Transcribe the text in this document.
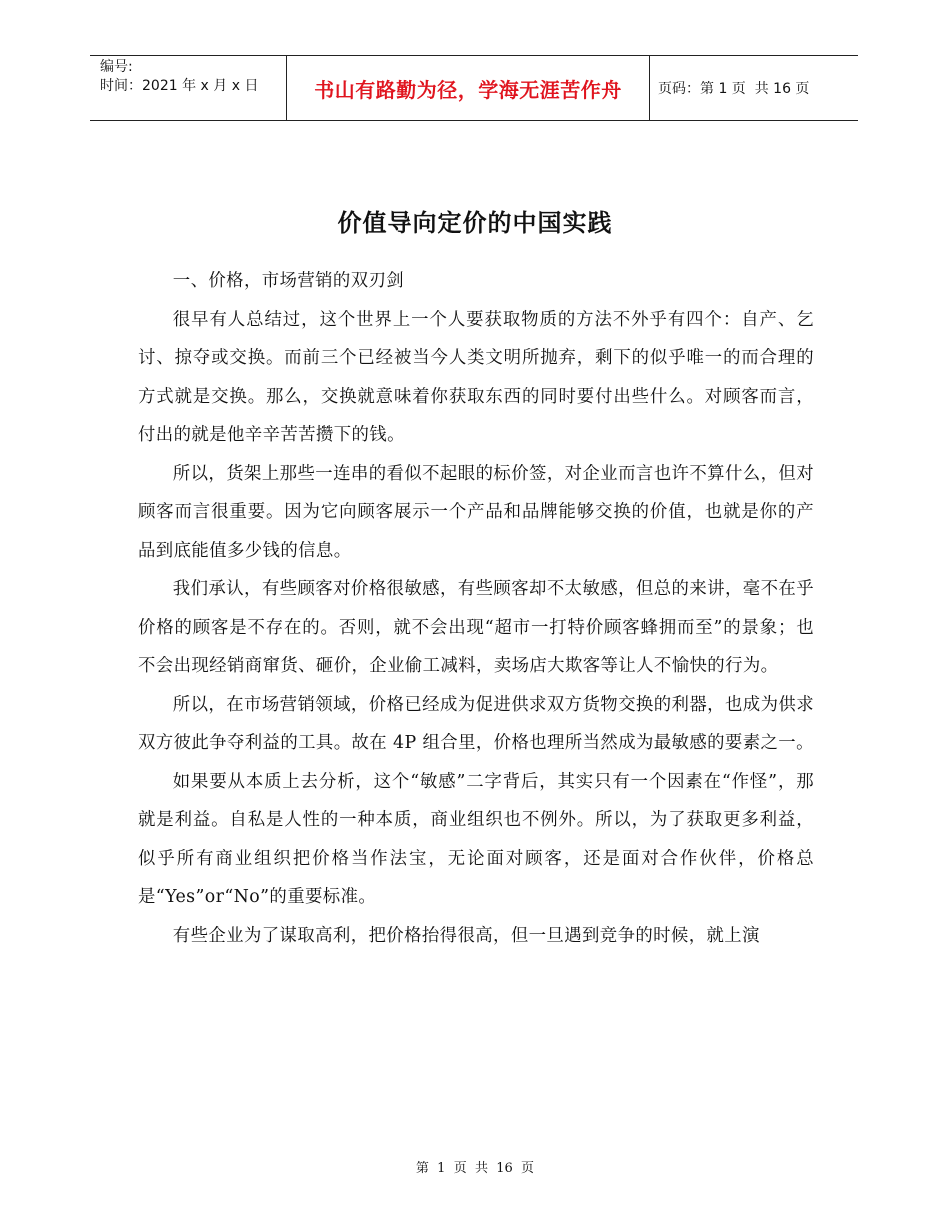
编号:
时间：2021 年 x 月 x 日	书山有路勤为径，学海无涯苦作舟	页码：第 1 页  共 16 页
价值导向定价的中国实践

一、价格，市场营销的双刃剑

很早有人总结过，这个世界上一个人要获取物质的方法不外乎有四个：自产、乞讨、掠夺或交换。而前三个已经被当今人类文明所抛弃，剩下的似乎唯一的而合理的方式就是交换。那么，交换就意味着你获取东西的同时要付出些什么。对顾客而言，付出的就是他辛辛苦苦攒下的钱。

所以，货架上那些一连串的看似不起眼的标价签，对企业而言也许不算什么，但对顾客而言很重要。因为它向顾客展示一个产品和品牌能够交换的价值，也就是你的产品到底能值多少钱的信息。

我们承认，有些顾客对价格很敏感，有些顾客却不太敏感，但总的来讲，毫不在乎价格的顾客是不存在的。否则，就不会出现“超市一打特价顾客蜂拥而至”的景象；也不会出现经销商窜货、砸价，企业偷工减料，卖场店大欺客等让人不愉快的行为。

所以，在市场营销领域，价格已经成为促进供求双方货物交换的利器，也成为供求双方彼此争夺利益的工具。故在 4P 组合里，价格也理所当然成为最敏感的要素之一。

如果要从本质上去分析，这个“敏感”二字背后，其实只有一个因素在“作怪”，那就是利益。自私是人性的一种本质，商业组织也不例外。所以，为了获取更多利益，似乎所有商业组织把价格当作法宝，无论面对顾客，还是面对合作伙伴，价格总是“Yes”or“No”的重要标准。

有些企业为了谋取高利，把价格抬得很高，但一旦遇到竞争的时候，就上演

第  1  页  共  16  页
